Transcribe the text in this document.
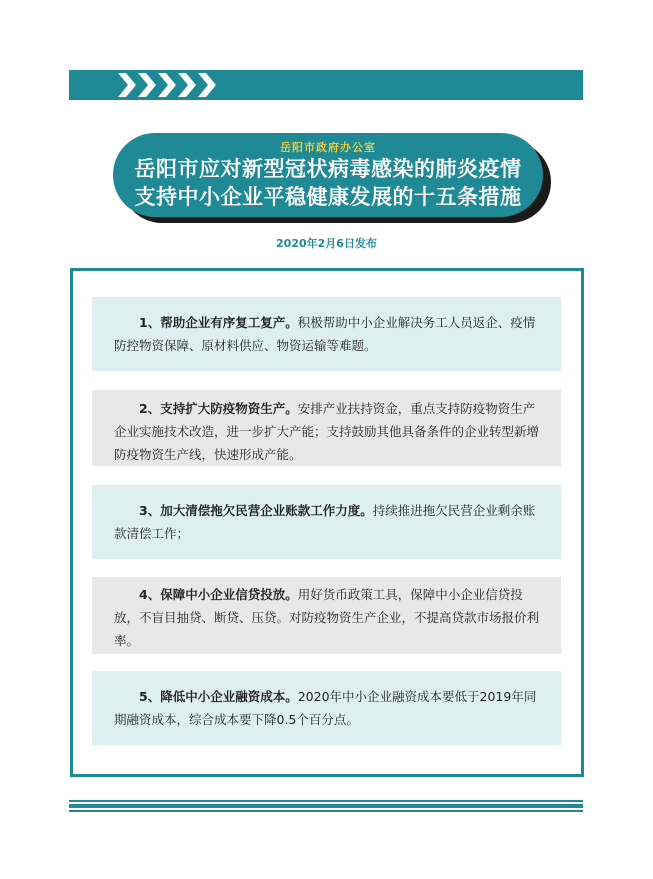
岳阳市政府办公室
岳阳市应对新型冠状病毒感染的肺炎疫情
支持中小企业平稳健康发展的十五条措施
2020年2月6日发布
1、帮助企业有序复工复产。积极帮助中小企业解决务工人员返企、疫情防控物资保障、原材料供应、物资运输等难题。
2、支持扩大防疫物资生产。安排产业扶持资金，重点支持防疫物资生产企业实施技术改造，进一步扩大产能；支持鼓励其他具备条件的企业转型新增防疫物资生产线，快速形成产能。
3、加大清偿拖欠民营企业账款工作力度。持续推进拖欠民营企业剩余账款清偿工作；
4、保障中小企业信贷投放。用好货币政策工具，保障中小企业信贷投放，不盲目抽贷、断贷、压贷。对防疫物资生产企业，不提高贷款市场报价利率。
5、降低中小企业融资成本。2020年中小企业融资成本要低于2019年同期融资成本，综合成本要下降0.5个百分点。
